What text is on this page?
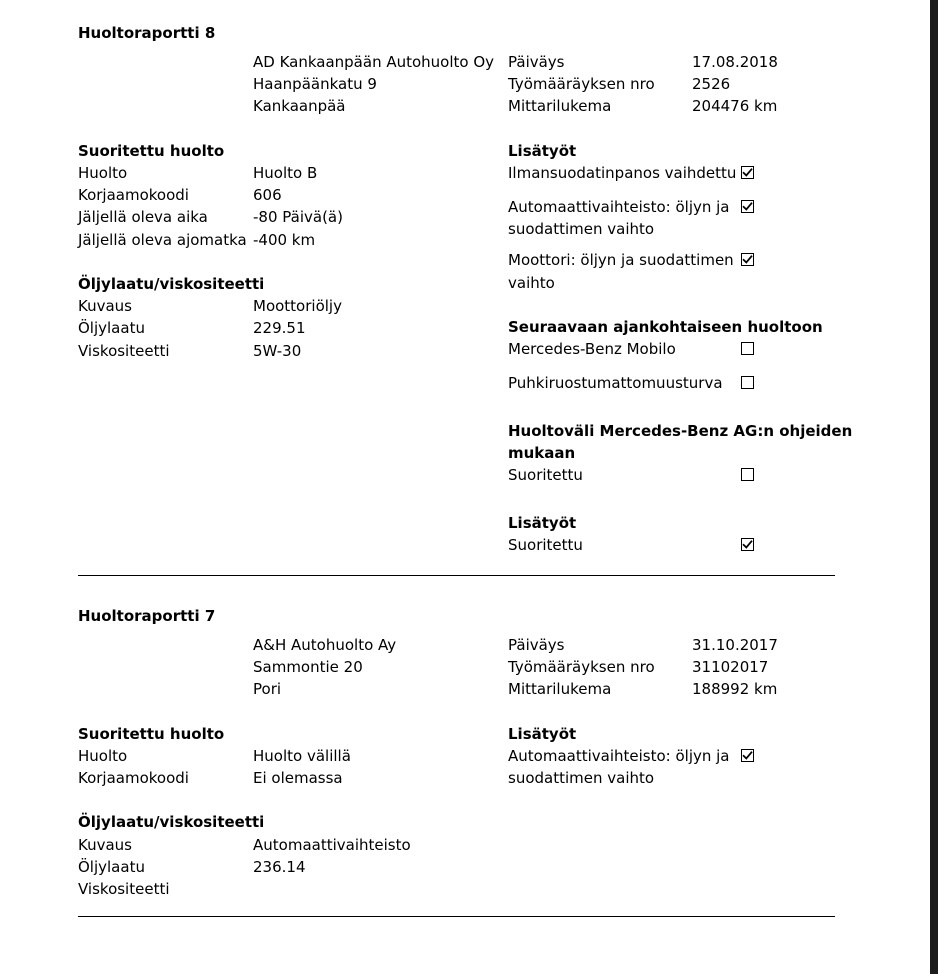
Huoltoraportti 8
AD Kankaanpään Autohuolto Oy
Haanpäänkatu 9
Kankaanpää
Päiväys	17.08.2018
Työmääräyksen nro 2526
Mittarilukema	204476 km
Suoritettu huolto
Huolto	Huolto B
Korjaamokoodi	606
Jäljellä oleva aika	-80 Päivä(ä)
Jäljellä oleva ajomatka -400 km
Öljylaatu/viskositeetti
Kuvaus	Moottoriöljy
Öljylaatu	229.51
Viskositeetti	5W-30
Lisätyöt
Ilmansuodatinpanos vaihdettu
Automaattivaihteisto: öljyn ja
suodattimen vaihto
Moottori: öljyn ja suodattimen
vaihto
Seuraavaan ajankohtaiseen huoltoon
Mercedes-Benz Mobilo
Puhkiruostumattomuusturva
Huoltoväli Mercedes-Benz AG:n ohjeiden
mukaan
Suoritettu
Lisätyöt
Suoritettu
Huoltoraportti 7
A&H Autohuolto Ay
Sammontie 20
Pori
Päiväys	31.10.2017
Työmääräyksen nro 31102017
Mittarilukema	188992 km
Suoritettu huolto
Huolto	Huolto välillä
Korjaamokoodi	Ei olemassa
Öljylaatu/viskositeetti
Kuvaus	Automaattivaihteisto
Öljylaatu	236.14
Viskositeetti
Lisätyöt
Automaattivaihteisto: öljyn ja
suodattimen vaihto
